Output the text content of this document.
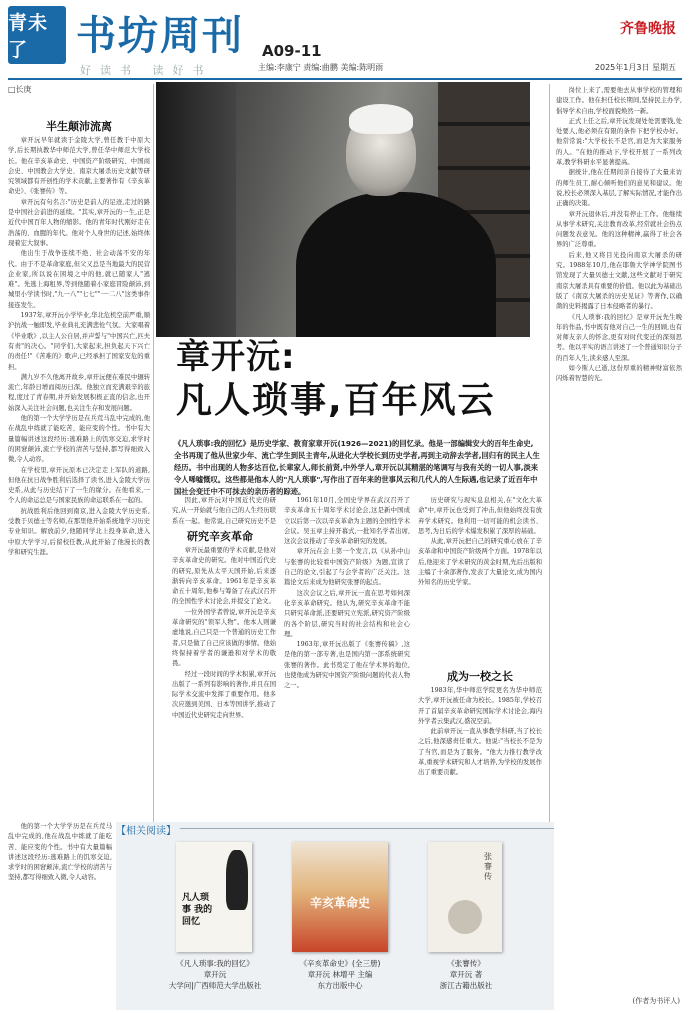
青未了	书坊周刊
好读书 读好书
A09-11
主编:李康宁 责编:曲鹏 美编:陈明雨
齐鲁晚报
2025年1月3日 星期五
章开沅:
凡人琐事,百年风云
《凡人琐事:我的回忆》是历史学家、教育家章开沅(1926—2021)的回忆录。他是一部编辑安大的百年生命史,全书再现了他从世家少年、流亡学生到民主青年,从进化大学校长到历史学者,再到主动辞去学者,回归有的民主人生经历。书中出现的人物多达百位,长辈家人,师长前贤,中外学人,章开沅以其精湛的笔调写与我有关的一切人事,淡来令人唏嘘慨叹。这些都是他本人的"凡人琐事",写作出了百年来的世事风云和几代人的人生际遇,也记录了近百年中国社会变迁中不可抹去的亲历者的踪迹。
□长庚
半生颠沛流离

章开沅早年就读于金陵大学,曾任教于中原大学,后长期执教华中师范大学,曾任华中师范大学校长。他在辛亥革命史、中国资产阶级研究、中国商会史、中国教会大学史、南京大屠杀历史文献等研究领域都有开创性的学术贡献,主要著作有《辛亥革命史》、《张謇传》等。

章开沅有句名言:"历史是前人的足迹,走过的路是中国社会前进的延续。"其实,章开沅的一生,正是近代中国百年人物的缩影。他的青年时代刚好走在浩荡的、血腥的年代。他对个人身世的记述,始终体现着宏大叙事。

他出生于战争连续不绝、社会动荡不安的年代。由于不是革命家庭,但父又总是当地最大的民营企业家,所以说在困境之中的他,就已随家人"逃难"。先逃上海租界,等到他随着小家庭冒险颠沛,到城里小学读书时,"九一八""七七""一·二八"这类事件接连发生。

1937年,章开沅小学毕业,华北危机空前严重,顺沪抗战一触即发,毕业典礼充满悲怆气氛。大家唱着《毕业歌》,以主人公自居,并声誓与"中国兴亡,匹夫有责"的决心。"同学们,大家起来,担负起天下兴亡的责任!"《苦难的》歌声,已经承担了国家安危的重担。

满九岁不久他离开故乡,章开沅便在难民中辗转流亡,年龄日增而阅历日深。他独立而充满艰辛的旅程,度过了青春期,并开始发展积极正直的信念,也开始深入关注社会问题,也关注生存和发展问题。

他的第一个大学学历是在兵荒马乱中完成的,他在战乱中练就了能吃苦、能应变的个性。书中有大量篇幅讲述这段经历:逃难路上的饥寒交迫,求学时的困窘颠沛,流亡学校的清苦与坚持,都写得细致入微,令人动容。

在学校里,章开沅原本已决定走上军队的道路,但他在抗日战争胜利后选择了读书,进入金陵大学历史系,从此与历史结下了一生的缘分。在他看来,一个人的命运总是与国家民族的命运联系在一起的。

抗战胜利后他回到南京,进入金陵大学历史系,受教于贝德士等名师,在那里他开始系统地学习历史专业知识。解放前夕,他随同学北上投身革命,进入中原大学学习,后留校任教,从此开始了他漫长的教学和研究生涯。

他的第一个大学学历是在兵荒马乱中完成的,他在战乱中练就了能吃苦、能应变的个性。书中有大量篇幅讲述这段经历:逃难路上的饥寒交迫,求学时的困窘颠沛,流亡学校的清苦与坚持,都写得细致入微,令人动容。

研究辛亥革命

章开沅最重要的学术贡献,是他对辛亥革命史的研究。他对中国近代史的研究,原先从太平天国开始,后来逐渐转向辛亥革命。1961年是辛亥革命五十周年,他参与筹备了在武汉召开的全国性学术讨论会,并提交了论文。

一位外国学者曾说,章开沅是辛亥革命研究的"领军人物"。他本人则谦虚地说,自己只是一个普通的历史工作者,只是做了自己应该做的事情。他始终保持着学者的谦逊和对学术的敬畏。

经过一段时间的学术积累,章开沅出版了一系列有影响的著作,并且在国际学术交流中发挥了重要作用。他多次应邀到美国、日本等国讲学,推动了中国近代史研究走向世界。

因此,章开沅对中国近代史的研究,从一开始就与他自己的人生经历联系在一起。他常说,自己研究历史不是

1961年10月,全国史学界在武汉召开了辛亥革命五十周年学术讨论会,这是新中国成立以后第一次以辛亥革命为主题的全国性学术会议。吴玉章主持开幕式,一批知名学者出席,这次会议推动了辛亥革命研究的发展。

章开沅在会上第一个发言,以《从孙中山与张謇的比较看中国资产阶级》为题,宣读了自己的论文,引起了与会学者的广泛关注。这篇论文后来成为他研究张謇的起点。

这次会议之后,章开沅一直在思考如何深化辛亥革命研究。他认为,研究辛亥革命不能只研究革命派,还要研究立宪派,研究资产阶级的各个阶层,研究当时的社会结构和社会心理。

1963年,章开沅出版了《张謇传稿》,这是他的第一部专著,也是国内第一部系统研究张謇的著作。此书奠定了他在学术界的地位,也使他成为研究中国资产阶级问题的代表人物之一。

历史研究与现实息息相关,在"文化大革命"中,章开沅也受到了冲击,但他始终没有放弃学术研究。他利用一切可能的机会读书、思考,为日后的学术爆发积累了深厚的基础。

从此,章开沅把自己的研究重心放在了辛亥革命和中国资产阶级两个方面。1978年以后,他迎来了学术研究的黄金时期,先后出版和主编了十余部著作,发表了大量论文,成为国内外知名的历史学家。

成为一校之长

1983年,华中师范学院更名为华中师范大学,章开沅被任命为校长。1985年,学校召开了首届辛亥革命研究国际学术讨论会,海内外学者云集武汉,盛况空前。

此前章开沅一直从事教学科研,当了校长之后,他深感责任重大。他说:"当校长不是为了当官,而是为了服务。"他大力推行教学改革,重视学术研究和人才培养,为学校的发展作出了重要贡献。

岗位上来了,需要他去从事学校的管理和建设工作。他在担任校长期间,坚持民主办学,倡导学术自由,学校面貌焕然一新。

正式上任之后,章开沅发现处处需要钱,处处要人,他必须在有限的条件下把学校办好。他常常说:"大学校长不是官,而是为大家服务的人。"在他的推动下,学校开展了一系列改革,教学科研水平显著提高。

据统计,他在任期间亲自接待了大量来访的师生员工,耐心倾听他们的意见和建议。他说,校长必须深入基层,了解实际情况,才能作出正确的决策。

章开沅退休后,并没有停止工作。他继续从事学术研究,关注教育改革,经常就社会热点问题发表意见。他的这种精神,赢得了社会各界的广泛尊重。

后来,他又将目光投向南京大屠杀的研究。1988年10月,他在耶鲁大学神学院图书馆发现了大量贝德士文献,这些文献对于研究南京大屠杀具有重要的价值。他以此为基础出版了《南京大屠杀的历史见证》等著作,以确凿的史料揭露了日本侵略者的暴行。

《凡人琐事:我的回忆》是章开沅先生晚年的作品,书中既有他对自己一生的回顾,也有对师友亲人的怀念,更有对时代变迁的深刻思考。他以平实的语言讲述了一个普通知识分子的百年人生,读来感人至深。

如今斯人已逝,这份厚重的精神财富依然闪烁着智慧的光。

(作者为书评人)
【相关阅读】
凡人琐事 我的回忆
辛亥革命史
张謇传
《凡人琐事:我的回忆》
章开沅
大学问|广西师范大学出版社
《辛亥革命史》(全三册)
章开沅 林增平 主编
东方出版中心
《张謇传》
章开沅 著
浙江古籍出版社
